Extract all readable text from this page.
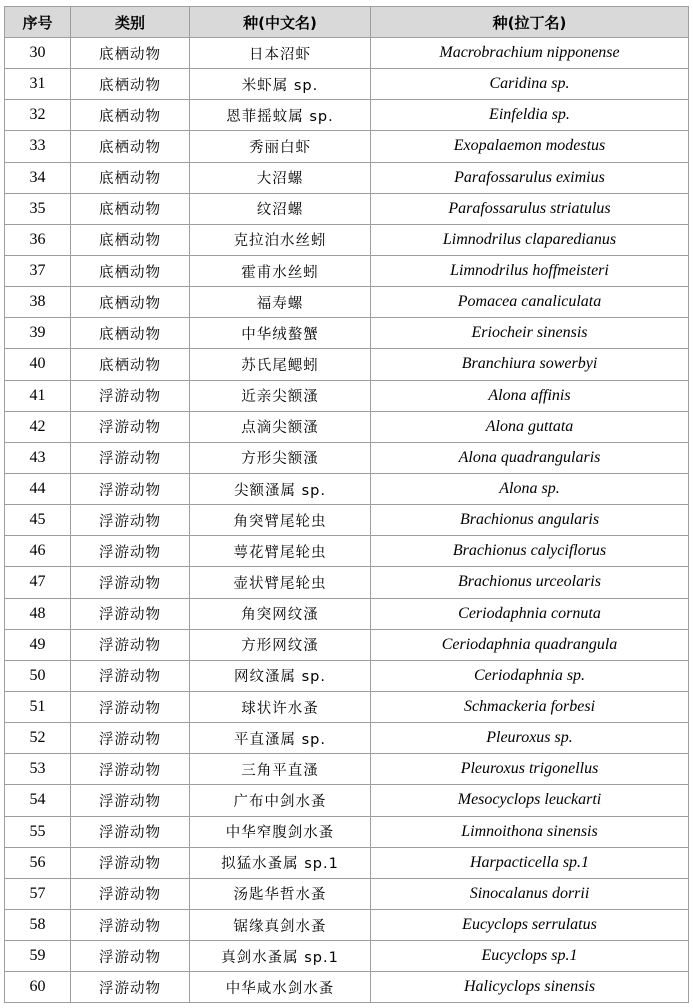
序号	类别	种(中文名)	种(拉丁名)
30	底栖动物	日本沼虾	Macrobrachium nipponense
31	底栖动物	米虾属 sp.	Caridina sp.
32	底栖动物	恩菲摇蚊属 sp.	Einfeldia sp.
33	底栖动物	秀丽白虾	Exopalaemon modestus
34	底栖动物	大沼螺	Parafossarulus eximius
35	底栖动物	纹沼螺	Parafossarulus striatulus
36	底栖动物	克拉泊水丝蚓	Limnodrilus claparedianus
37	底栖动物	霍甫水丝蚓	Limnodrilus hoffmeisteri
38	底栖动物	福寿螺	Pomacea canaliculata
39	底栖动物	中华绒螯蟹	Eriocheir sinensis
40	底栖动物	苏氏尾鳃蚓	Branchiura sowerbyi
41	浮游动物	近亲尖额溞	Alona affinis
42	浮游动物	点滴尖额溞	Alona guttata
43	浮游动物	方形尖额溞	Alona quadrangularis
44	浮游动物	尖额溞属 sp.	Alona sp.
45	浮游动物	角突臂尾轮虫	Brachionus angularis
46	浮游动物	萼花臂尾轮虫	Brachionus calyciflorus
47	浮游动物	壶状臂尾轮虫	Brachionus urceolaris
48	浮游动物	角突网纹溞	Ceriodaphnia cornuta
49	浮游动物	方形网纹溞	Ceriodaphnia quadrangula
50	浮游动物	网纹溞属 sp.	Ceriodaphnia sp.
51	浮游动物	球状许水蚤	Schmackeria forbesi
52	浮游动物	平直溞属 sp.	Pleuroxus sp.
53	浮游动物	三角平直溞	Pleuroxus trigonellus
54	浮游动物	广布中剑水蚤	Mesocyclops leuckarti
55	浮游动物	中华窄腹剑水蚤	Limnoithona sinensis
56	浮游动物	拟猛水蚤属 sp.1	Harpacticella sp.1
57	浮游动物	汤匙华哲水蚤	Sinocalanus dorrii
58	浮游动物	锯缘真剑水蚤	Eucyclops serrulatus
59	浮游动物	真剑水蚤属 sp.1	Eucyclops sp.1
60	浮游动物	中华咸水剑水蚤	Halicyclops sinensis
